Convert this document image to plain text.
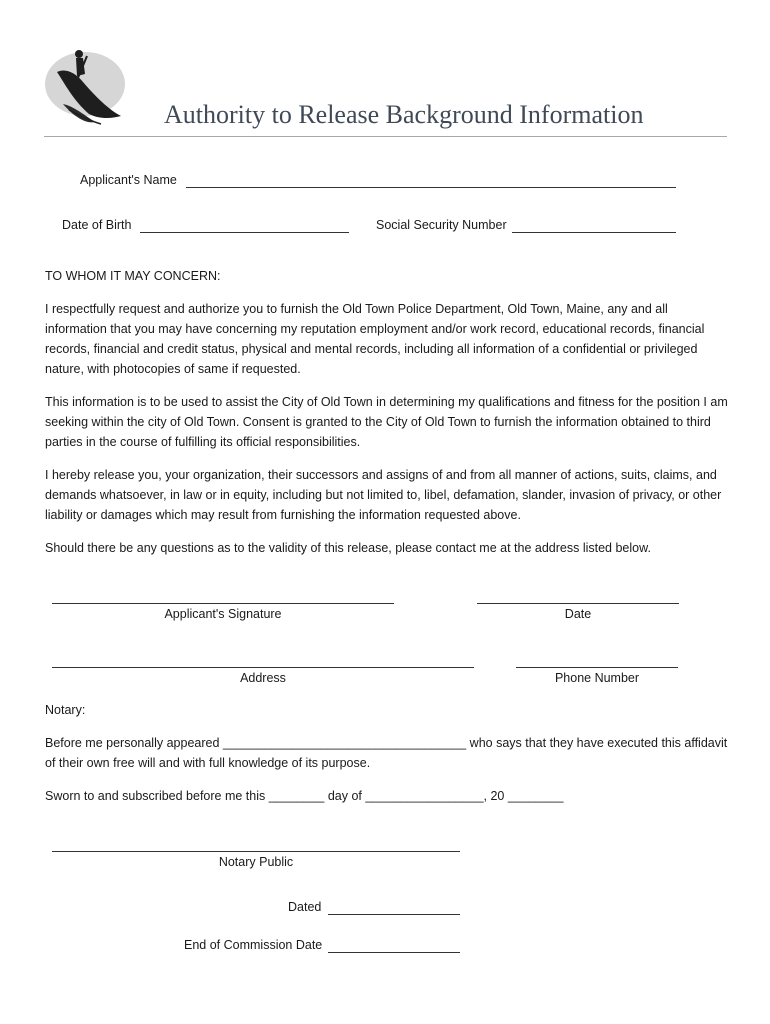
Authority to Release Background Information
Applicant's Name
Date of Birth	Social Security Number

TO WHOM IT MAY CONCERN:

I respectfully request and authorize you to furnish the Old Town Police Department, Old Town, Maine, any and all information that you may have concerning my reputation employment and/or work record, educational records, financial records, financial and credit status, physical and mental records, including all information of a confidential or privileged nature, with photocopies of same if requested.

This information is to be used to assist the City of Old Town in determining my qualifications and fitness for the position I am seeking within the city of Old Town. Consent is granted to the City of Old Town to furnish the information obtained to third parties in the course of fulfilling its official responsibilities.

I hereby release you, your organization, their successors and assigns of and from all manner of actions, suits, claims, and demands whatsoever, in law or in equity, including but not limited to, libel, defamation, slander, invasion of privacy, or other liability or damages which may result from furnishing the information requested above.

Should there be any questions as to the validity of this release, please contact me at the address listed below.

Applicant's Signature	Date
Address	Phone Number
Notary:

Before me personally appeared ___________________________________ who says that they have executed this affidavit of their own free will and with full knowledge of its purpose.

Sworn to and subscribed before me this ________ day of _________________, 20 ________

Notary Public
Dated
End of Commission Date
